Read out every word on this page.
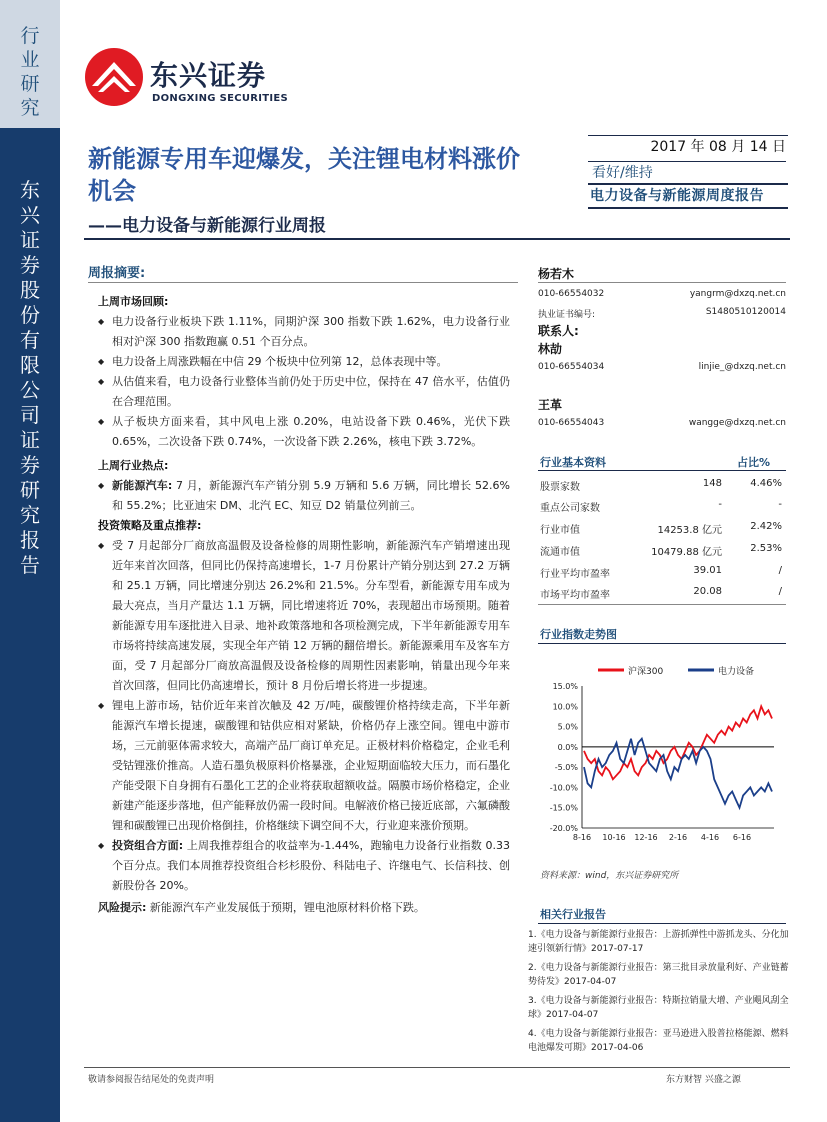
行业研究
东兴证券股份有限公司证券研究报告
东兴证券
DONGXING SECURITIES
新能源专用车迎爆发，关注锂电材料涨价机会
——电力设备与新能源行业周报
2017 年 08 月 14 日
看好/维持
电力设备与新能源周度报告
周报摘要:
上周市场回顾:
◆ 电力设备行业板块下跌 1.11%，同期沪深 300 指数下跌 1.62%，电力设备行业相对沪深 300 指数跑赢 0.51 个百分点。
◆ 电力设备上周涨跌幅在中信 29 个板块中位列第 12，总体表现中等。
◆ 从估值来看，电力设备行业整体当前仍处于历史中位，保持在 47 倍水平，估值仍在合理范围。
◆ 从子板块方面来看，其中风电上涨 0.20%，电站设备下跌 0.46%，光伏下跌 0.65%，二次设备下跌 0.74%，一次设备下跌 2.26%，核电下跌 3.72%。
上周行业热点:
◆ 新能源汽车: 7 月，新能源汽车产销分别 5.9 万辆和 5.6 万辆，同比增长 52.6%和 55.2%；比亚迪宋 DM、北汽 EC、知豆 D2 销量位列前三。
投资策略及重点推荐:
◆ 受 7 月起部分厂商放高温假及设备检修的周期性影响，新能源汽车产销增速出现近年来首次回落，但同比仍保持高速增长，1-7 月份累计产销分别达到 27.2 万辆和 25.1 万辆，同比增速分别达 26.2%和 21.5%。分车型看，新能源专用车成为最大亮点，当月产量达 1.1 万辆，同比增速将近 70%，表现超出市场预期。随着新能源专用车逐批进入目录、地补政策落地和各项检测完成，下半年新能源专用车市场将持续高速发展，实现全年产销 12 万辆的翻倍增长。新能源乘用车及客车方面，受 7 月起部分厂商放高温假及设备检修的周期性因素影响，销量出现今年来首次回落，但同比仍高速增长，预计 8 月份后增长将进一步提速。
◆ 锂电上游市场，钴价近年来首次触及 42 万/吨，碳酸锂价格持续走高，下半年新能源汽车增长提速，碳酸锂和钴供应相对紧缺，价格仍存上涨空间。锂电中游市场，三元前驱体需求较大，高端产品厂商订单充足。正极材料价格稳定，企业毛利受钴锂涨价推高。人造石墨负极原料价格暴涨，企业短期面临较大压力，而石墨化产能受限下自身拥有石墨化工艺的企业将获取超额收益。隔膜市场价格稳定，企业新建产能逐步落地，但产能释放仍需一段时间。电解液价格已接近底部，六氟磷酸锂和碳酸锂已出现价格倒挂，价格继续下调空间不大，行业迎来涨价预期。
◆ 投资组合方面: 上周我推荐组合的收益率为-1.44%，跑输电力设备行业指数 0.33 个百分点。我们本周推荐投资组合杉杉股份、科陆电子、许继电气、长信科技、创新股份各 20%。
风险提示: 新能源汽车产业发展低于预期，锂电池原材料价格下跌。
杨若木
010-66554032	yangrm@dxzq.net.cn
执业证书编号:	S1480510120014
联系人:
林劼
010-66554034	linjie_@dxzq.net.cn
王革
010-66554043	wangge@dxzq.net.cn
行业基本资料	占比%
股票家数	148	4.46%
重点公司家数	-	-
行业市值	14253.8 亿元	2.42%
流通市值	10479.88 亿元	2.53%
行业平均市盈率	39.01	/
市场平均市盈率	20.08	/
行业指数走势图
沪深300	电力设备
15.0%
10.0%
5.0%
0.0%
-5.0%
-10.0%
-15.0%
-20.0%
8-16 10-16 12-16 2-16 4-16 6-16
资料来源：wind，东兴证券研究所
相关行业报告
1.《电力设备与新能源行业报告：上游抓弹性中游抓龙头、分化加速引领新行情》2017-07-17
2.《电力设备与新能源行业报告：第三批目录放量利好、产业链蓄势待发》2017-04-07
3.《电力设备与新能源行业报告：特斯拉销量大增、产业飓风刮全球》2017-04-07
4.《电力设备与新能源行业报告：亚马逊进入股普拉格能源、燃料电池爆发可期》2017-04-06
敬请参阅报告结尾处的免责声明	东方财智 兴盛之源
